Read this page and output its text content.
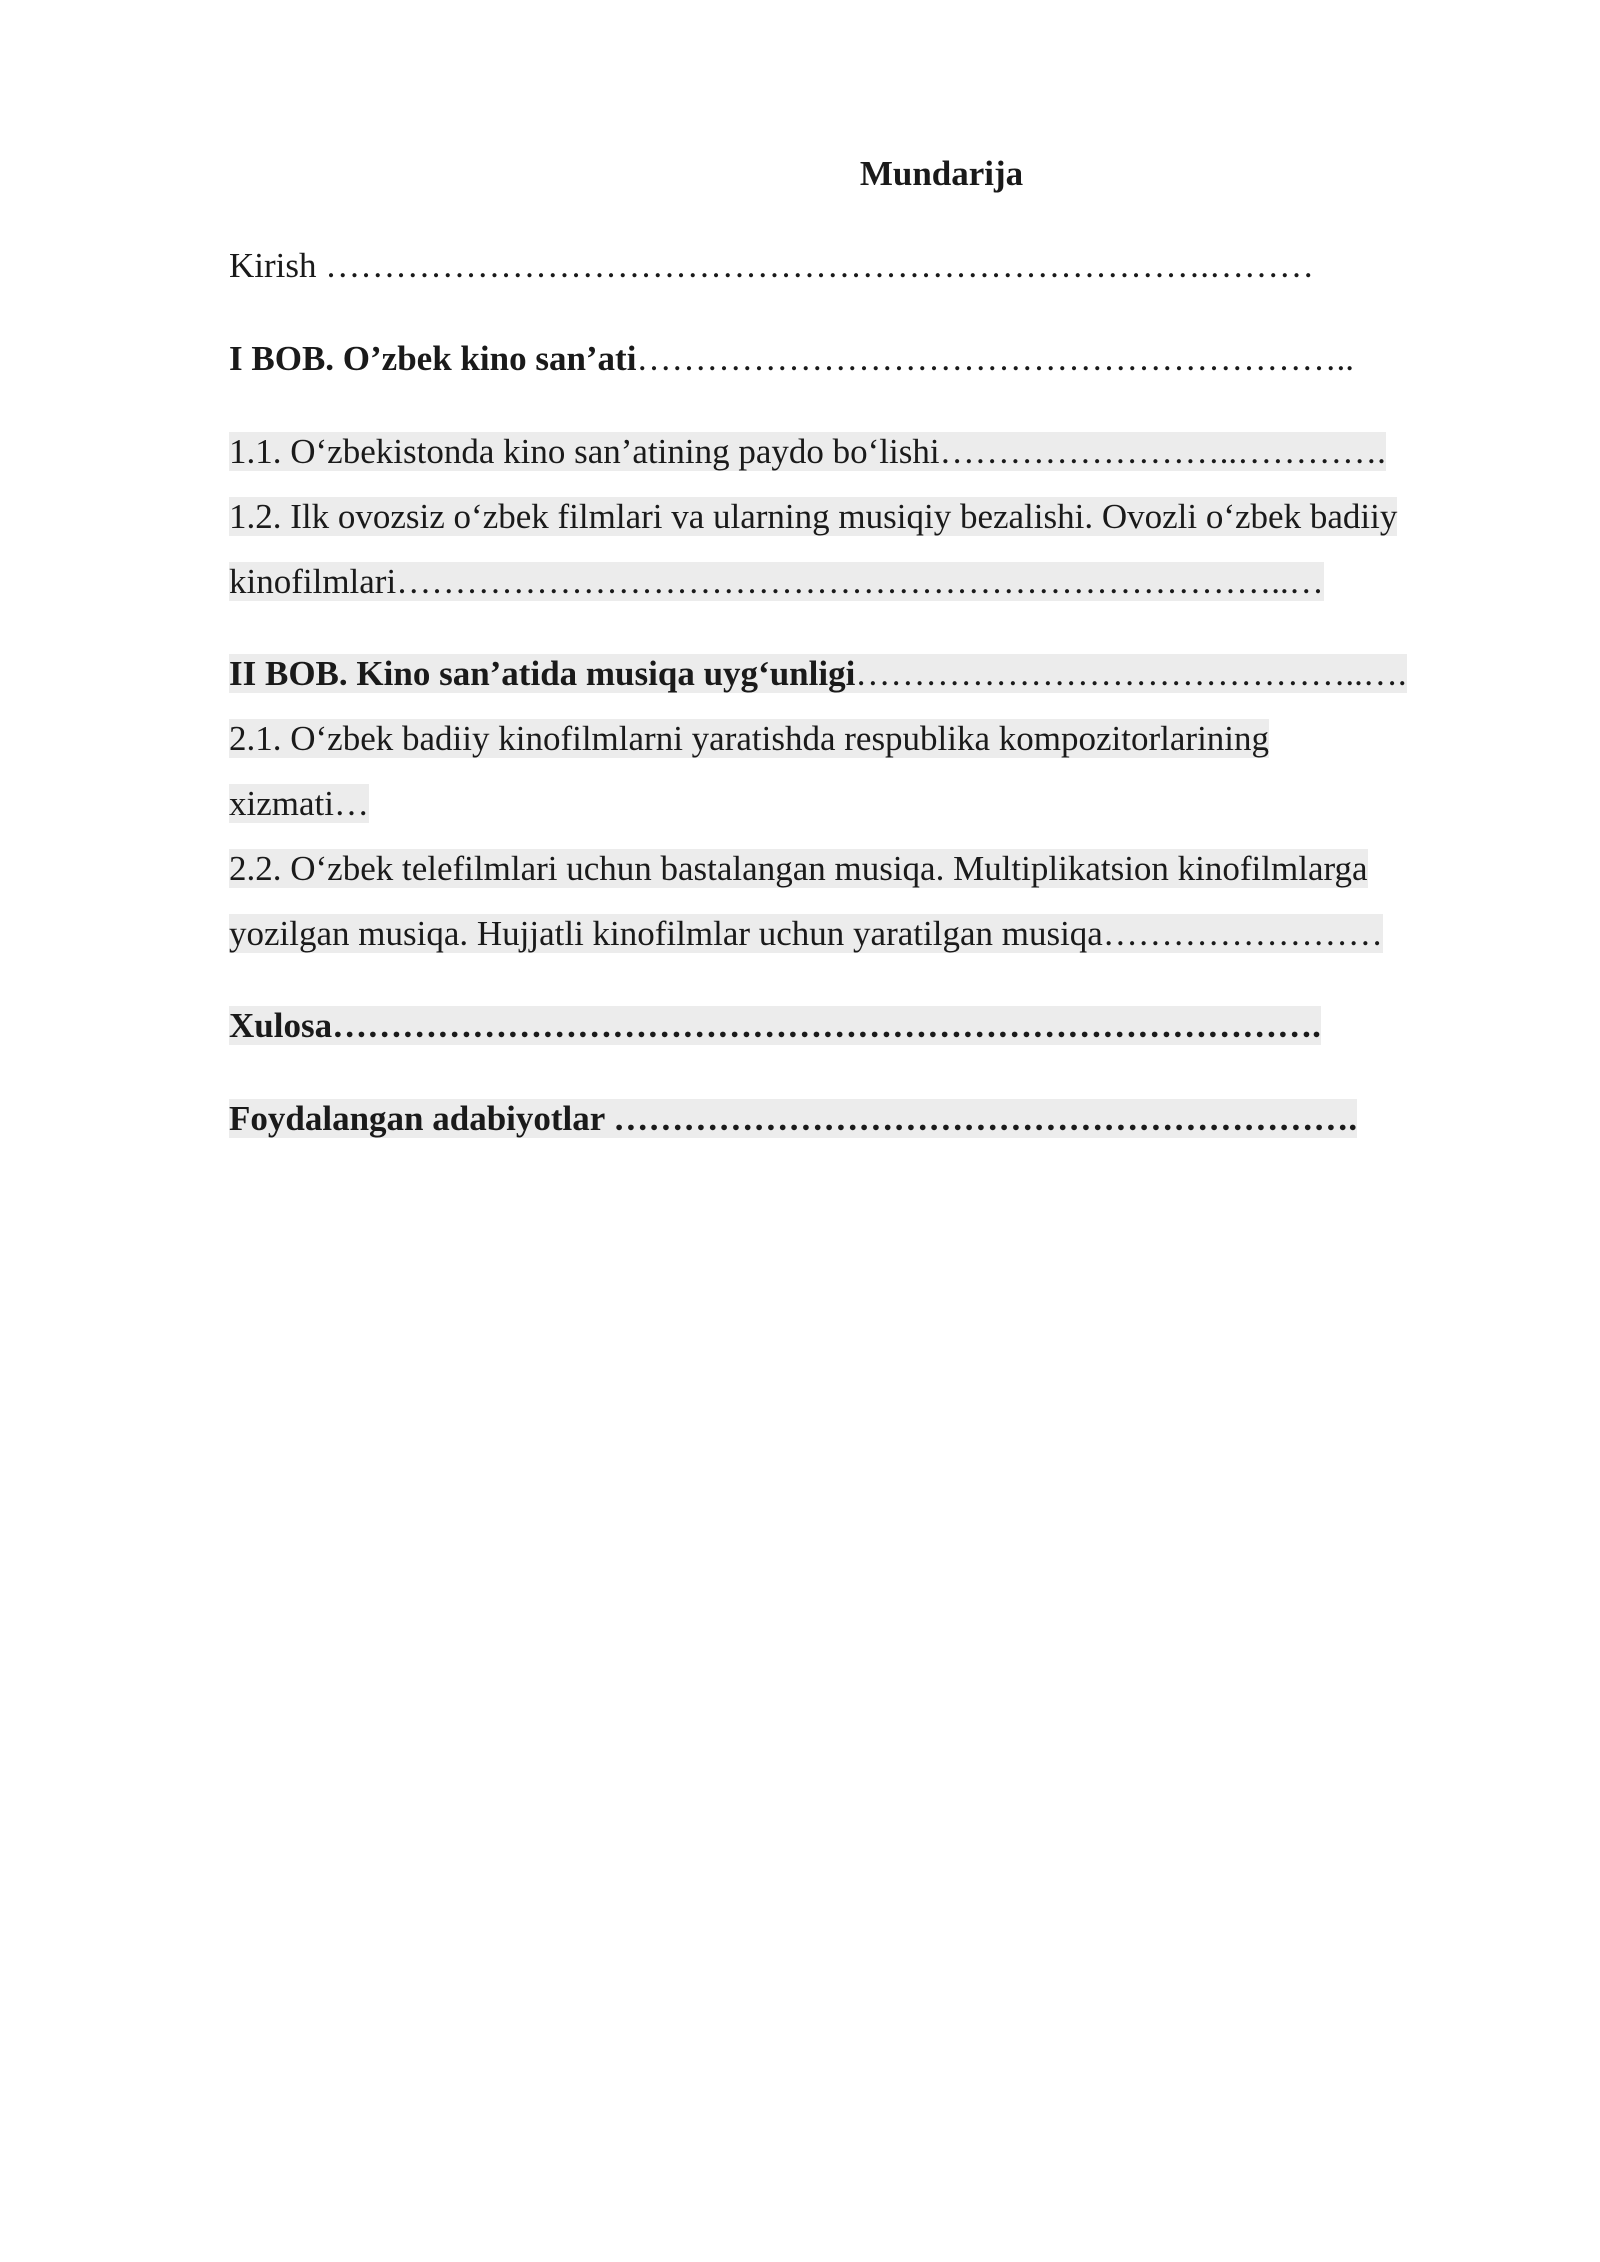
Mundarija
Kirish ………………………………………………………………….………
I BOB. O’zbek kino san’ati……………………………………………………..
1.1. O‘zbekistonda kino san’atining paydo bo‘lishi……………………..………….
1.2. Ilk ovozsiz o‘zbek filmlari va ularning musiqiy bezalishi. Ovozli o‘zbek badiiy
kinofilmlari…………………………………………………………………..…
II BOB. Kino san’atida musiqa uyg‘unligi……………………………………..….
2.1. O‘zbek badiiy kinofilmlarni yaratishda respublika kompozitorlarining
xizmati…
2.2. O‘zbek telefilmlari uchun bastalangan musiqa. Multiplikatsion kinofilmlarga
yozilgan musiqa. Hujjatli kinofilmlar uchun yaratilgan musiqa……………………
Xulosa………………………………………………………………………….
Foydalangan adabiyotlar ……………………………………………………….
